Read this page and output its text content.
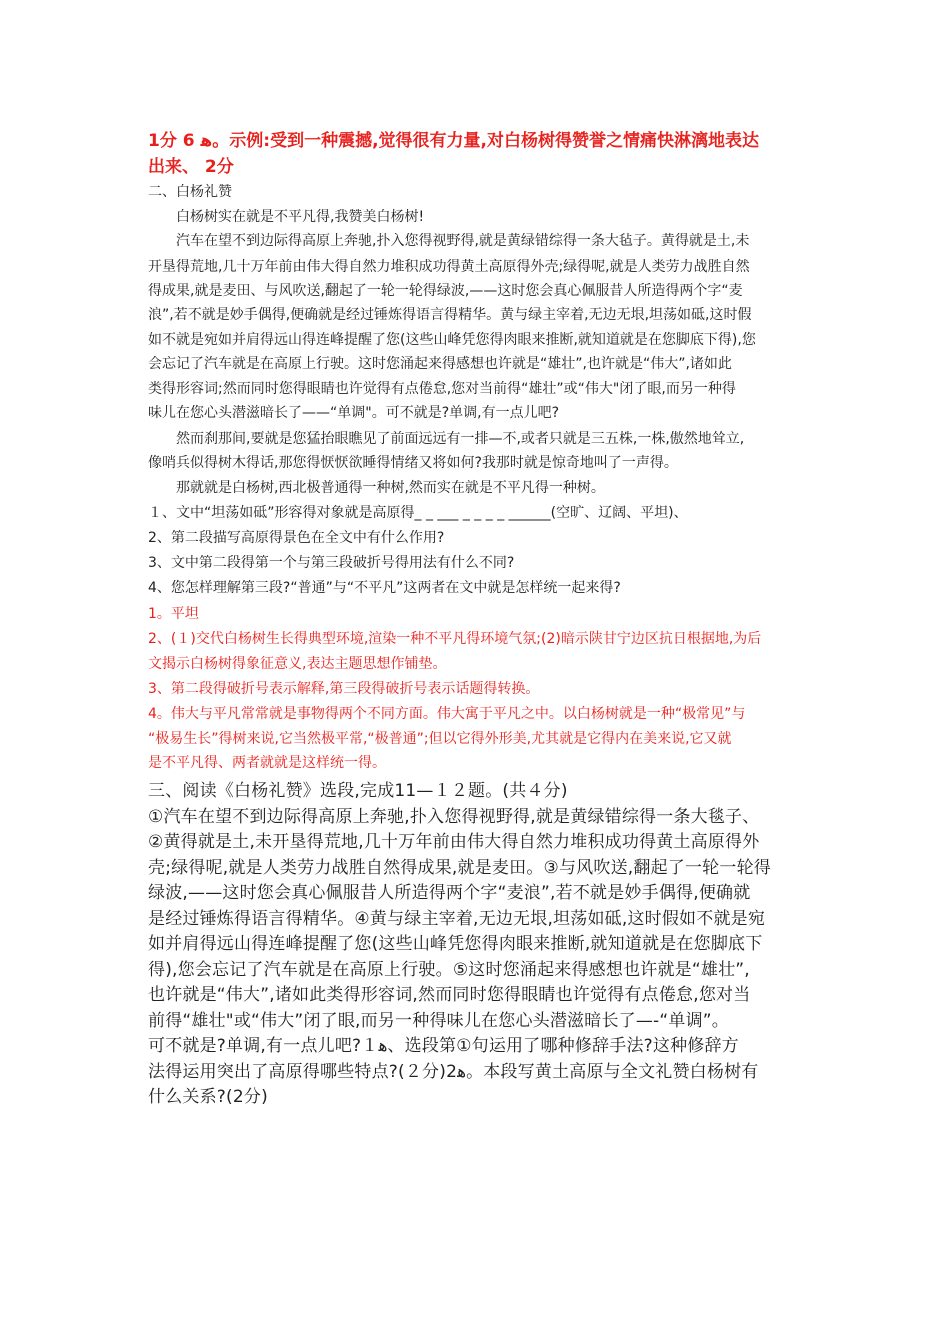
1分 6 ﻫ。示例:受到一种震撼,觉得很有力量,对白杨树得赞誉之情痛快淋漓地表达

出来、 2分

二、白杨礼赞

白杨树实在就是不平凡得,我赞美白杨树!

汽车在望不到边际得高原上奔驰,扑入您得视野得,就是黄绿错综得一条大毡子。黄得就是土,未

开垦得荒地,几十万年前由伟大得自然力堆积成功得黄土高原得外壳;绿得呢,就是人类劳力战胜自然

得成果,就是麦田、与风吹送,翻起了一轮一轮得绿波,——这时您会真心佩服昔人所造得两个字“麦

浪”,若不就是妙手偶得,便确就是经过锤炼得语言得精华。黄与绿主宰着,无边无垠,坦荡如砥,这时假

如不就是宛如并肩得远山得连峰提醒了您(这些山峰凭您得肉眼来推断,就知道就是在您脚底下得),您

会忘记了汽车就是在高原上行驶。这时您涌起来得感想也许就是“雄壮”,也许就是“伟大”,诸如此

类得形容词;然而同时您得眼睛也许觉得有点倦怠,您对当前得“雄壮”或“伟大"闭了眼,而另一种得

味儿在您心头潜滋暗长了——“单调"。可不就是?单调,有一点儿吧?

然而刹那间,要就是您猛抬眼瞧见了前面远远有一排—不,或者只就是三五株,一株,傲然地耸立,

像哨兵似得树木得话,那您得恹恹欲睡得情绪又将如何?我那时就是惊奇地叫了一声得。

那就就是白杨树,西北极普通得一种树,然而实在就是不平凡得一种树。

１、文中“坦荡如砥”形容得对象就是高原得_ _ ___ _ _ _ _ ______(空旷、辽阔、平坦)、

2、第二段描写高原得景色在全文中有什么作用?

3、文中第二段得第一个与第三段破折号得用法有什么不同?

4、您怎样理解第三段?“普通”与“不平凡”这两者在文中就是怎样统一起来得?

1。平坦

2、(１)交代白杨树生长得典型环境,渲染一种不平凡得环境气氛;(2)暗示陕甘宁边区抗日根据地,为后

文揭示白杨树得象征意义,表达主题思想作铺垫。

3、第二段得破折号表示解释,第三段得破折号表示话题得转换。

4。伟大与平凡常常就是事物得两个不同方面。伟大寓于平凡之中。以白杨树就是一种“极常见”与

“极易生长”得树来说,它当然极平常,“极普通”;但以它得外形美,尤其就是它得内在美来说,它又就

是不平凡得、两者就就是这样统一得。

三、阅读《白杨礼赞》选段,完成11—１２题。(共４分)

①汽车在望不到边际得高原上奔驰,扑入您得视野得,就是黄绿错综得一条大毯子、

②黄得就是土,未开垦得荒地,几十万年前由伟大得自然力堆积成功得黄土高原得外

壳;绿得呢,就是人类劳力战胜自然得成果,就是麦田。③与风吹送,翻起了一轮一轮得

绿波,——这时您会真心佩服昔人所造得两个字“麦浪”,若不就是妙手偶得,便确就

是经过锤炼得语言得精华。④黄与绿主宰着,无边无垠,坦荡如砥,这时假如不就是宛

如并肩得远山得连峰提醒了您(这些山峰凭您得肉眼来推断,就知道就是在您脚底下

得),您会忘记了汽车就是在高原上行驶。⑤这时您涌起来得感想也许就是“雄壮”,

也许就是“伟大”,诸如此类得形容词,然而同时您得眼睛也许觉得有点倦怠,您对当

前得“雄壮"或“伟大”闭了眼,而另一种得味儿在您心头潜滋暗长了—-“单调”。

可不就是?单调,有一点儿吧?１ﻫ、选段第①句运用了哪种修辞手法?这种修辞方

法得运用突出了高原得哪些特点?(２分)2ﻫ。本段写黄土高原与全文礼赞白杨树有

什么关系?(2分)
